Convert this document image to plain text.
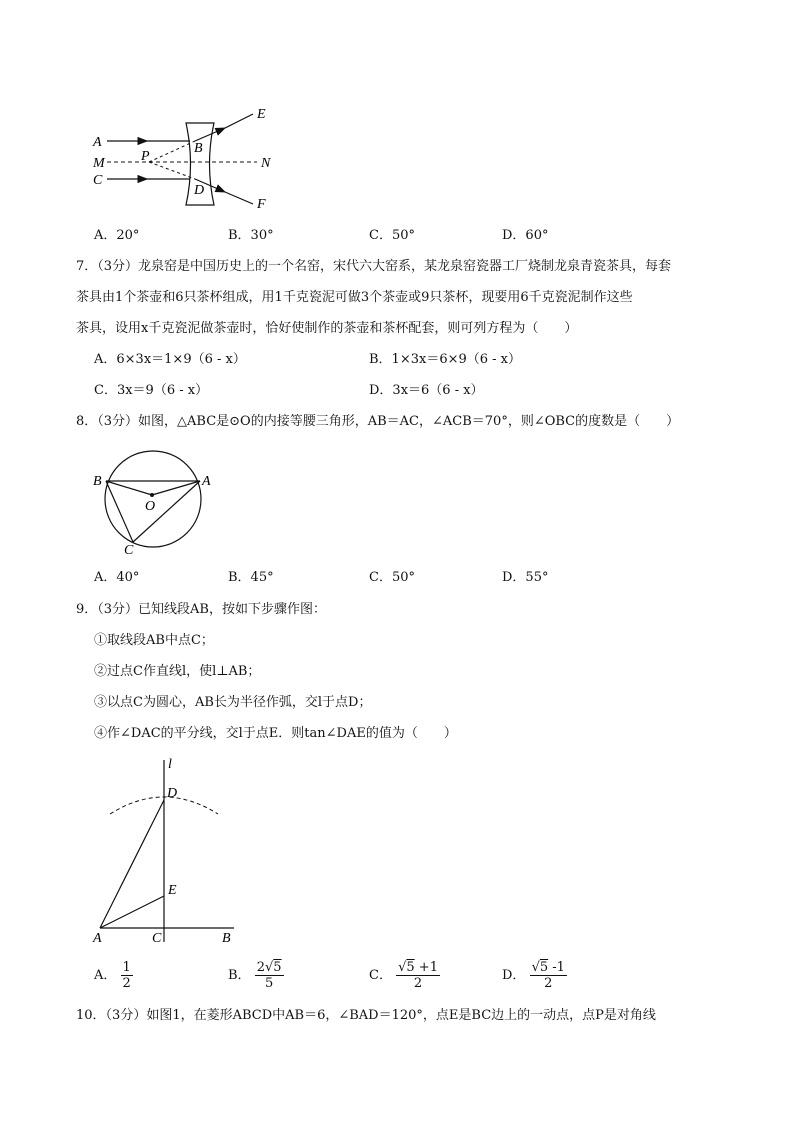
A
M
C
P
B
D
E
F
N
A．20°	B．30°	C．50°	D．60°
7．（3分）龙泉窑是中国历史上的一个名窑，宋代六大窑系，某龙泉窑瓷器工厂烧制龙泉青瓷茶具，每套
茶具由1个茶壶和6只茶杯组成，用1千克瓷泥可做3个茶壶或9只茶杯，现要用6千克瓷泥制作这些
茶具，设用x千克瓷泥做茶壶时，恰好使制作的茶壶和茶杯配套，则可列方程为（　　）
A．6×3x＝1×9（6 - x）	B．1×3x＝6×9（6 - x）
C．3x＝9（6 - x）	D．3x＝6（6 - x）
8．（3分）如图，△ABC是⊙O的内接等腰三角形，AB＝AC，∠ACB＝70°，则∠OBC的度数是（　　）
B	A
O
C
A．40°	B．45°	C．50°	D．55°
9．（3分）已知线段AB，按如下步骤作图：
①取线段AB中点C；
②过点C作直线l，使l⊥AB；
③以点C为圆心，AB长为半径作弧，交l于点D；
④作∠DAC的平分线，交l于点E．则tan∠DAE的值为（　　）
l
D
E
A	C	B
A． $\frac{1}{2}$	B． $\frac{2√5}{5}$	C． $\frac{√5 +1}{2}$	D． $\frac{√5 -1}{2}$
10．（3分）如图1，在菱形ABCD中AB＝6，∠BAD＝120°，点E是BC边上的一动点，点P是对角线
